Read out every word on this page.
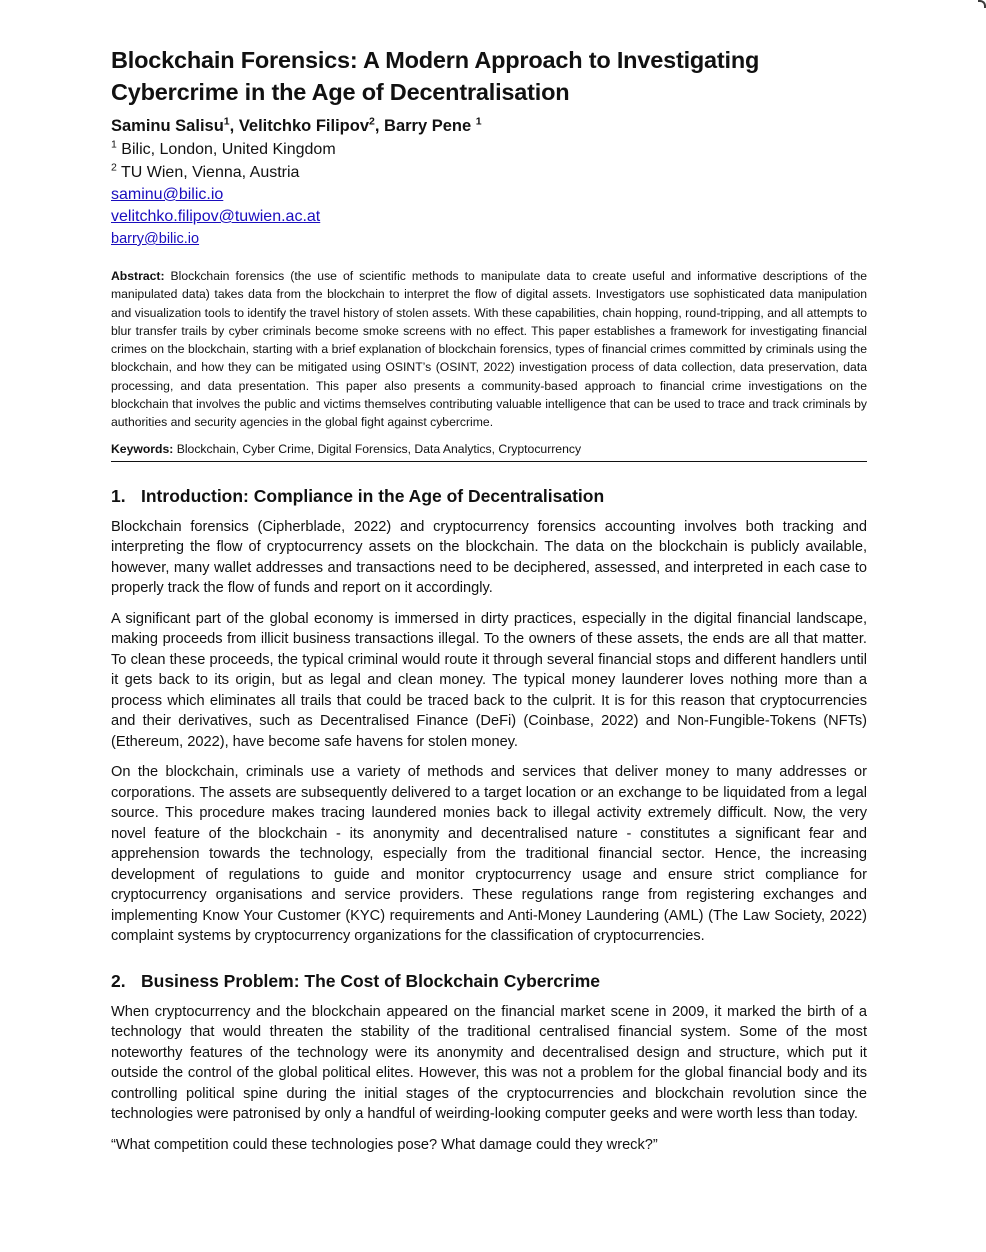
Blockchain Forensics: A Modern Approach to Investigating Cybercrime in the Age of Decentralisation

Saminu Salisu$^1$, Velitchko Filipov$^2$, Barry Pene $^1$

$^1$ Bilic, London, United Kingdom

$^2$ TU Wien, Vienna, Austria

saminu@bilic.io
velitchko.filipov@tuwien.ac.at
barry@bilic.io

Abstract: Blockchain forensics (the use of scientific methods to manipulate data to create useful and informative descriptions of the manipulated data) takes data from the blockchain to interpret the flow of digital assets. Investigators use sophisticated data manipulation and visualization tools to identify the travel history of stolen assets. With these capabilities, chain hopping, round-tripping, and all attempts to blur transfer trails by cyber criminals become smoke screens with no effect. This paper establishes a framework for investigating financial crimes on the blockchain, starting with a brief explanation of blockchain forensics, types of financial crimes committed by criminals using the blockchain, and how they can be mitigated using OSINT’s (OSINT, 2022) investigation process of data collection, data preservation, data processing, and data presentation. This paper also presents a community-based approach to financial crime investigations on the blockchain that involves the public and victims themselves contributing valuable intelligence that can be used to trace and track criminals by authorities and security agencies in the global fight against cybercrime.

Keywords: Blockchain, Cyber Crime, Digital Forensics, Data Analytics, Cryptocurrency

1. Introduction: Compliance in the Age of Decentralisation

Blockchain forensics (Cipherblade, 2022) and cryptocurrency forensics accounting involves both tracking and interpreting the flow of cryptocurrency assets on the blockchain. The data on the blockchain is publicly available, however, many wallet addresses and transactions need to be deciphered, assessed, and interpreted in each case to properly track the flow of funds and report on it accordingly.

A significant part of the global economy is immersed in dirty practices, especially in the digital financial landscape, making proceeds from illicit business transactions illegal. To the owners of these assets, the ends are all that matter. To clean these proceeds, the typical criminal would route it through several financial stops and different handlers until it gets back to its origin, but as legal and clean money. The typical money launderer loves nothing more than a process which eliminates all trails that could be traced back to the culprit. It is for this reason that cryptocurrencies and their derivatives, such as Decentralised Finance (DeFi) (Coinbase, 2022) and Non-Fungible-Tokens (NFTs) (Ethereum, 2022), have become safe havens for stolen money.

On the blockchain, criminals use a variety of methods and services that deliver money to many addresses or corporations. The assets are subsequently delivered to a target location or an exchange to be liquidated from a legal source. This procedure makes tracing laundered monies back to illegal activity extremely difficult. Now, the very novel feature of the blockchain - its anonymity and decentralised nature - constitutes a significant fear and apprehension towards the technology, especially from the traditional financial sector. Hence, the increasing development of regulations to guide and monitor cryptocurrency usage and ensure strict compliance for cryptocurrency organisations and service providers. These regulations range from registering exchanges and implementing Know Your Customer (KYC) requirements and Anti-Money Laundering (AML) (The Law Society, 2022) complaint systems by cryptocurrency organizations for the classification of cryptocurrencies.

2. Business Problem: The Cost of Blockchain Cybercrime

When cryptocurrency and the blockchain appeared on the financial market scene in 2009, it marked the birth of a technology that would threaten the stability of the traditional centralised financial system. Some of the most noteworthy features of the technology were its anonymity and decentralised design and structure, which put it outside the control of the global political elites. However, this was not a problem for the global financial body and its controlling political spine during the initial stages of the cryptocurrencies and blockchain revolution since the technologies were patronised by only a handful of weirding-looking computer geeks and were worth less than today.

“What competition could these technologies pose? What damage could they wreck?”
